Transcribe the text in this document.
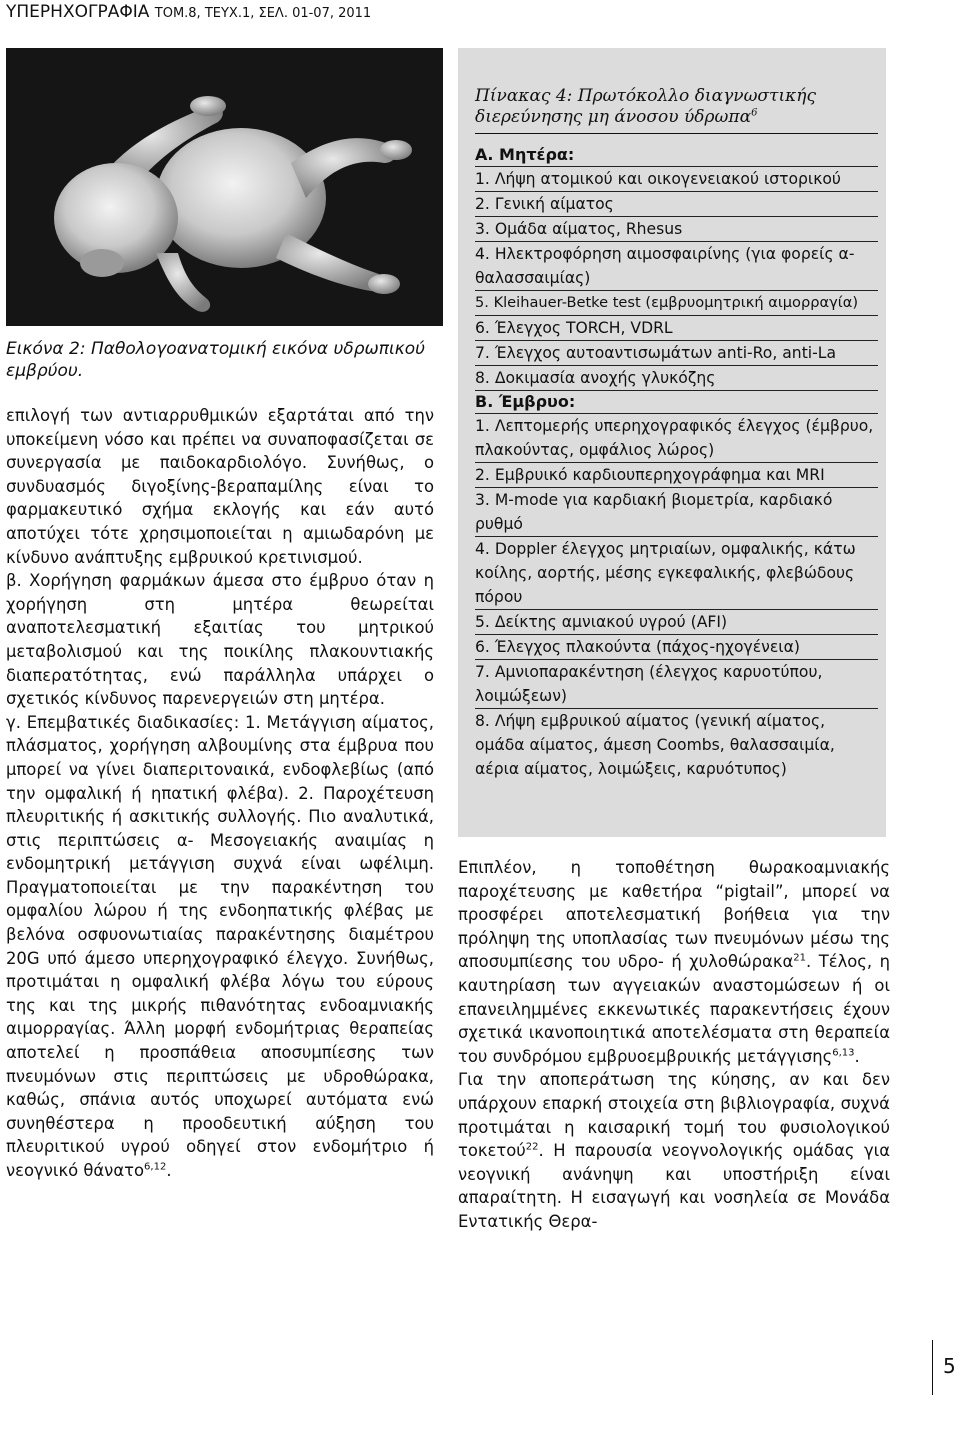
ΥΠΕΡΗΧΟΓΡΑΦΙΑ ΤΟΜ.8, ΤΕΥΧ.1, ΣΕΛ. 01-07, 2011
Εικόνα 2: Παθολογοανατομική εικόνα υδρωπικού εμβρύου.

επιλογή των αντιαρρυθμικών εξαρτάται από την υποκείμενη νόσο και πρέπει να συναποφασίζεται σε συνεργασία με παιδοκαρδιολόγο. Συνήθως, ο συνδυασμός διγοξίνης-βεραπαμίλης είναι το φαρμακευτικό σχήμα εκλογής και εάν αυτό αποτύχει τότε χρησιμοποιείται η αμιωδαρόνη με κίνδυνο ανάπτυξης εμβρυικού κρετινισμού.

β. Χορήγηση φαρμάκων άμεσα στο έμβρυο όταν η χορήγηση στη μητέρα θεωρείται αναποτελεσματική εξαιτίας του μητρικού μεταβολισμού και της ποικίλης πλακουντιακής διαπερατότητας, ενώ παράλληλα υπάρχει ο σχετικός κίνδυνος παρενεργειών στη μητέρα.

γ. Επεμβατικές διαδικασίες: 1. Μετάγγιση αίματος, πλάσματος, χορήγηση αλβουμίνης στα έμβρυα που μπορεί να γίνει διαπεριτοναικά, ενδοφλεβίως (από την ομφαλική ή ηπατική φλέβα). 2. Παροχέτευση πλευριτικής ή ασκιτικής συλλογής. Πιο αναλυτικά, στις περιπτώσεις α- Μεσογειακής αναιμίας η ενδομητρική μετάγγιση συχνά είναι ωφέλιμη. Πραγματοποιείται με την παρακέντηση του ομφαλίου λώρου ή της ενδοηπατικής φλέβας με βελόνα οσφυονωτιαίας παρακέντησης διαμέτρου 20G υπό άμεσο υπερηχογραφικό έλεγχο. Συνήθως, προτιμάται η ομφαλική φλέβα λόγω του εύρους της και της μικρής πιθανότητας ενδοαμνιακής αιμορραγίας. Άλλη μορφή ενδομήτριας θεραπείας αποτελεί η προσπάθεια αποσυμπίεσης των πνευμόνων στις περιπτώσεις με υδροθώρακα, καθώς, σπάνια αυτός υποχωρεί αυτόματα ενώ συνηθέστερα η προοδευτική αύξηση του πλευριτικού υγρού οδηγεί στον ενδομήτριο ή νεογνικό θάνατο$^{6,12}$.

Πίνακας 4: Πρωτόκολλο διαγνωστικής διερεύνησης μη άνοσου ύδρωπα$^6$
Α. Μητέρα:
1. Λήψη ατομικού και οικογενειακού ιστορικού
2. Γενική αίματος
3. Ομάδα αίματος, Rhesus
4. Ηλεκτροφόρηση αιμοσφαιρίνης (για φορείς α-θαλασσαιμίας)
5. Kleihauer-Betke test (εμβρυομητρική αιμορραγία)
6. Έλεγχος TORCH, VDRL
7. Έλεγχος αυτοαντισωμάτων anti-Ro, anti-La
8. Δοκιμασία ανοχής γλυκόζης
Β. Έμβρυο:
1. Λεπτομερής υπερηχογραφικός έλεγχος (έμβρυο, πλακούντας, ομφάλιος λώρος)
2. Εμβρυικό καρδιουπερηχογράφημα και MRI
3. M-mode για καρδιακή βιομετρία, καρδιακό ρυθμό
4. Doppler έλεγχος μητριαίων, ομφαλικής, κάτω κοίλης, αορτής, μέσης εγκεφαλικής, φλεβώδους πόρου
5. Δείκτης αμνιακού υγρού (AFI)
6. Έλεγχος πλακούντα (πάχος-ηχογένεια)
7. Αμνιοπαρακέντηση (έλεγχος καρυοτύπου, λοιμώξεων)
8. Λήψη εμβρυικού αίματος (γενική αίματος, ομάδα αίματος, άμεση Coombs, θαλασσαιμία, αέρια αίματος, λοιμώξεις, καρυότυπος)

Επιπλέον, η τοποθέτηση θωρακοαμνιακής παροχέτευσης με καθετήρα “pigtail”, μπορεί να προσφέρει αποτελεσματική βοήθεια για την πρόληψη της υποπλασίας των πνευμόνων μέσω της αποσυμπίεσης του υδρο- ή χυλοθώρακα$^{21}$. Τέλος, η καυτηρίαση των αγγειακών αναστομώσεων ή οι επανειλημμένες εκκενωτικές παρακεντήσεις έχουν σχετικά ικανοποιητικά αποτελέσματα στη θεραπεία του συνδρόμου εμβρυοεμβρυικής μετάγγισης$^{6,13}$.

Για την αποπεράτωση της κύησης, αν και δεν υπάρχουν επαρκή στοιχεία στη βιβλιογραφία, συχνά προτιμάται η καισαρική τομή του φυσιολογικού τοκετού$^{22}$. Η παρουσία νεογνολογικής ομάδας για νεογνική ανάνηψη και υποστήριξη είναι απαραίτητη. Η εισαγωγή και νοσηλεία σε Μονάδα Εντατικής Θερα-

5
